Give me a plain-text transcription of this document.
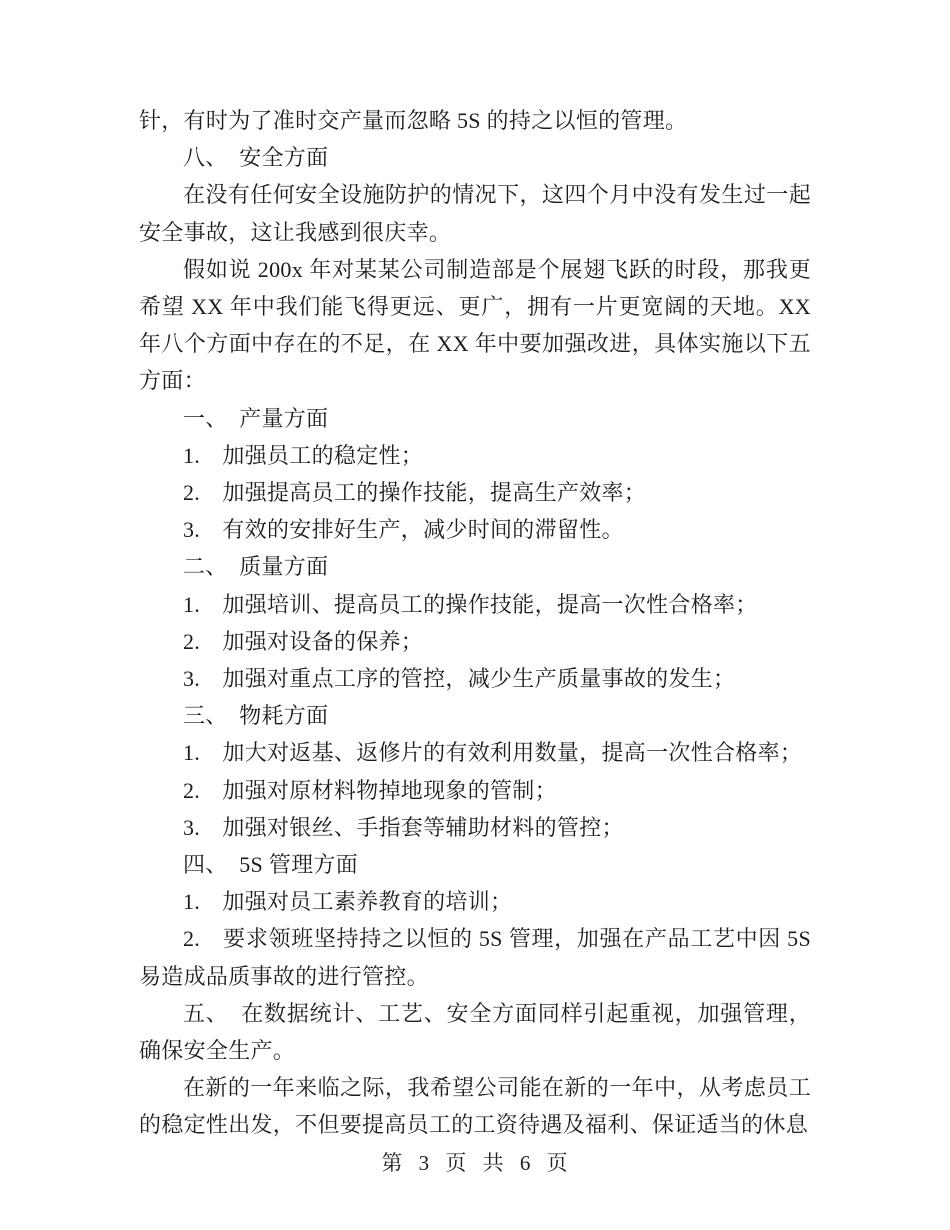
针，有时为了准时交产量而忽略 5S 的持之以恒的管理。

八、  安全方面

在没有任何安全设施防护的情况下，这四个月中没有发生过一起安全事故，这让我感到很庆幸。

假如说 200x 年对某某公司制造部是个展翅飞跃的时段，那我更希望 XX 年中我们能飞得更远、更广，拥有一片更宽阔的天地。XX 年八个方面中存在的不足，在 XX 年中要加强改进，具体实施以下五方面：

一、  产量方面

1.　加强员工的稳定性；

2.　加强提高员工的操作技能，提高生产效率；

3.　有效的安排好生产，减少时间的滞留性。

二、  质量方面

1.　加强培训、提高员工的操作技能，提高一次性合格率；

2.　加强对设备的保养；

3.　加强对重点工序的管控，减少生产质量事故的发生；

三、  物耗方面

1.　加大对返基、返修片的有效利用数量，提高一次性合格率；

2.　加强对原材料物掉地现象的管制；

3.　加强对银丝、手指套等辅助材料的管控；

四、  5S 管理方面

1.　加强对员工素养教育的培训；

2.　要求领班坚持持之以恒的 5S 管理，加强在产品工艺中因 5S 易造成品质事故的进行管控。

五、  在数据统计、工艺、安全方面同样引起重视，加强管理，确保安全生产。

在新的一年来临之际，我希望公司能在新的一年中，从考虑员工的稳定性出发，不但要提高员工的工资待遇及福利、保证适当的休息

第 3 页 共 6 页
